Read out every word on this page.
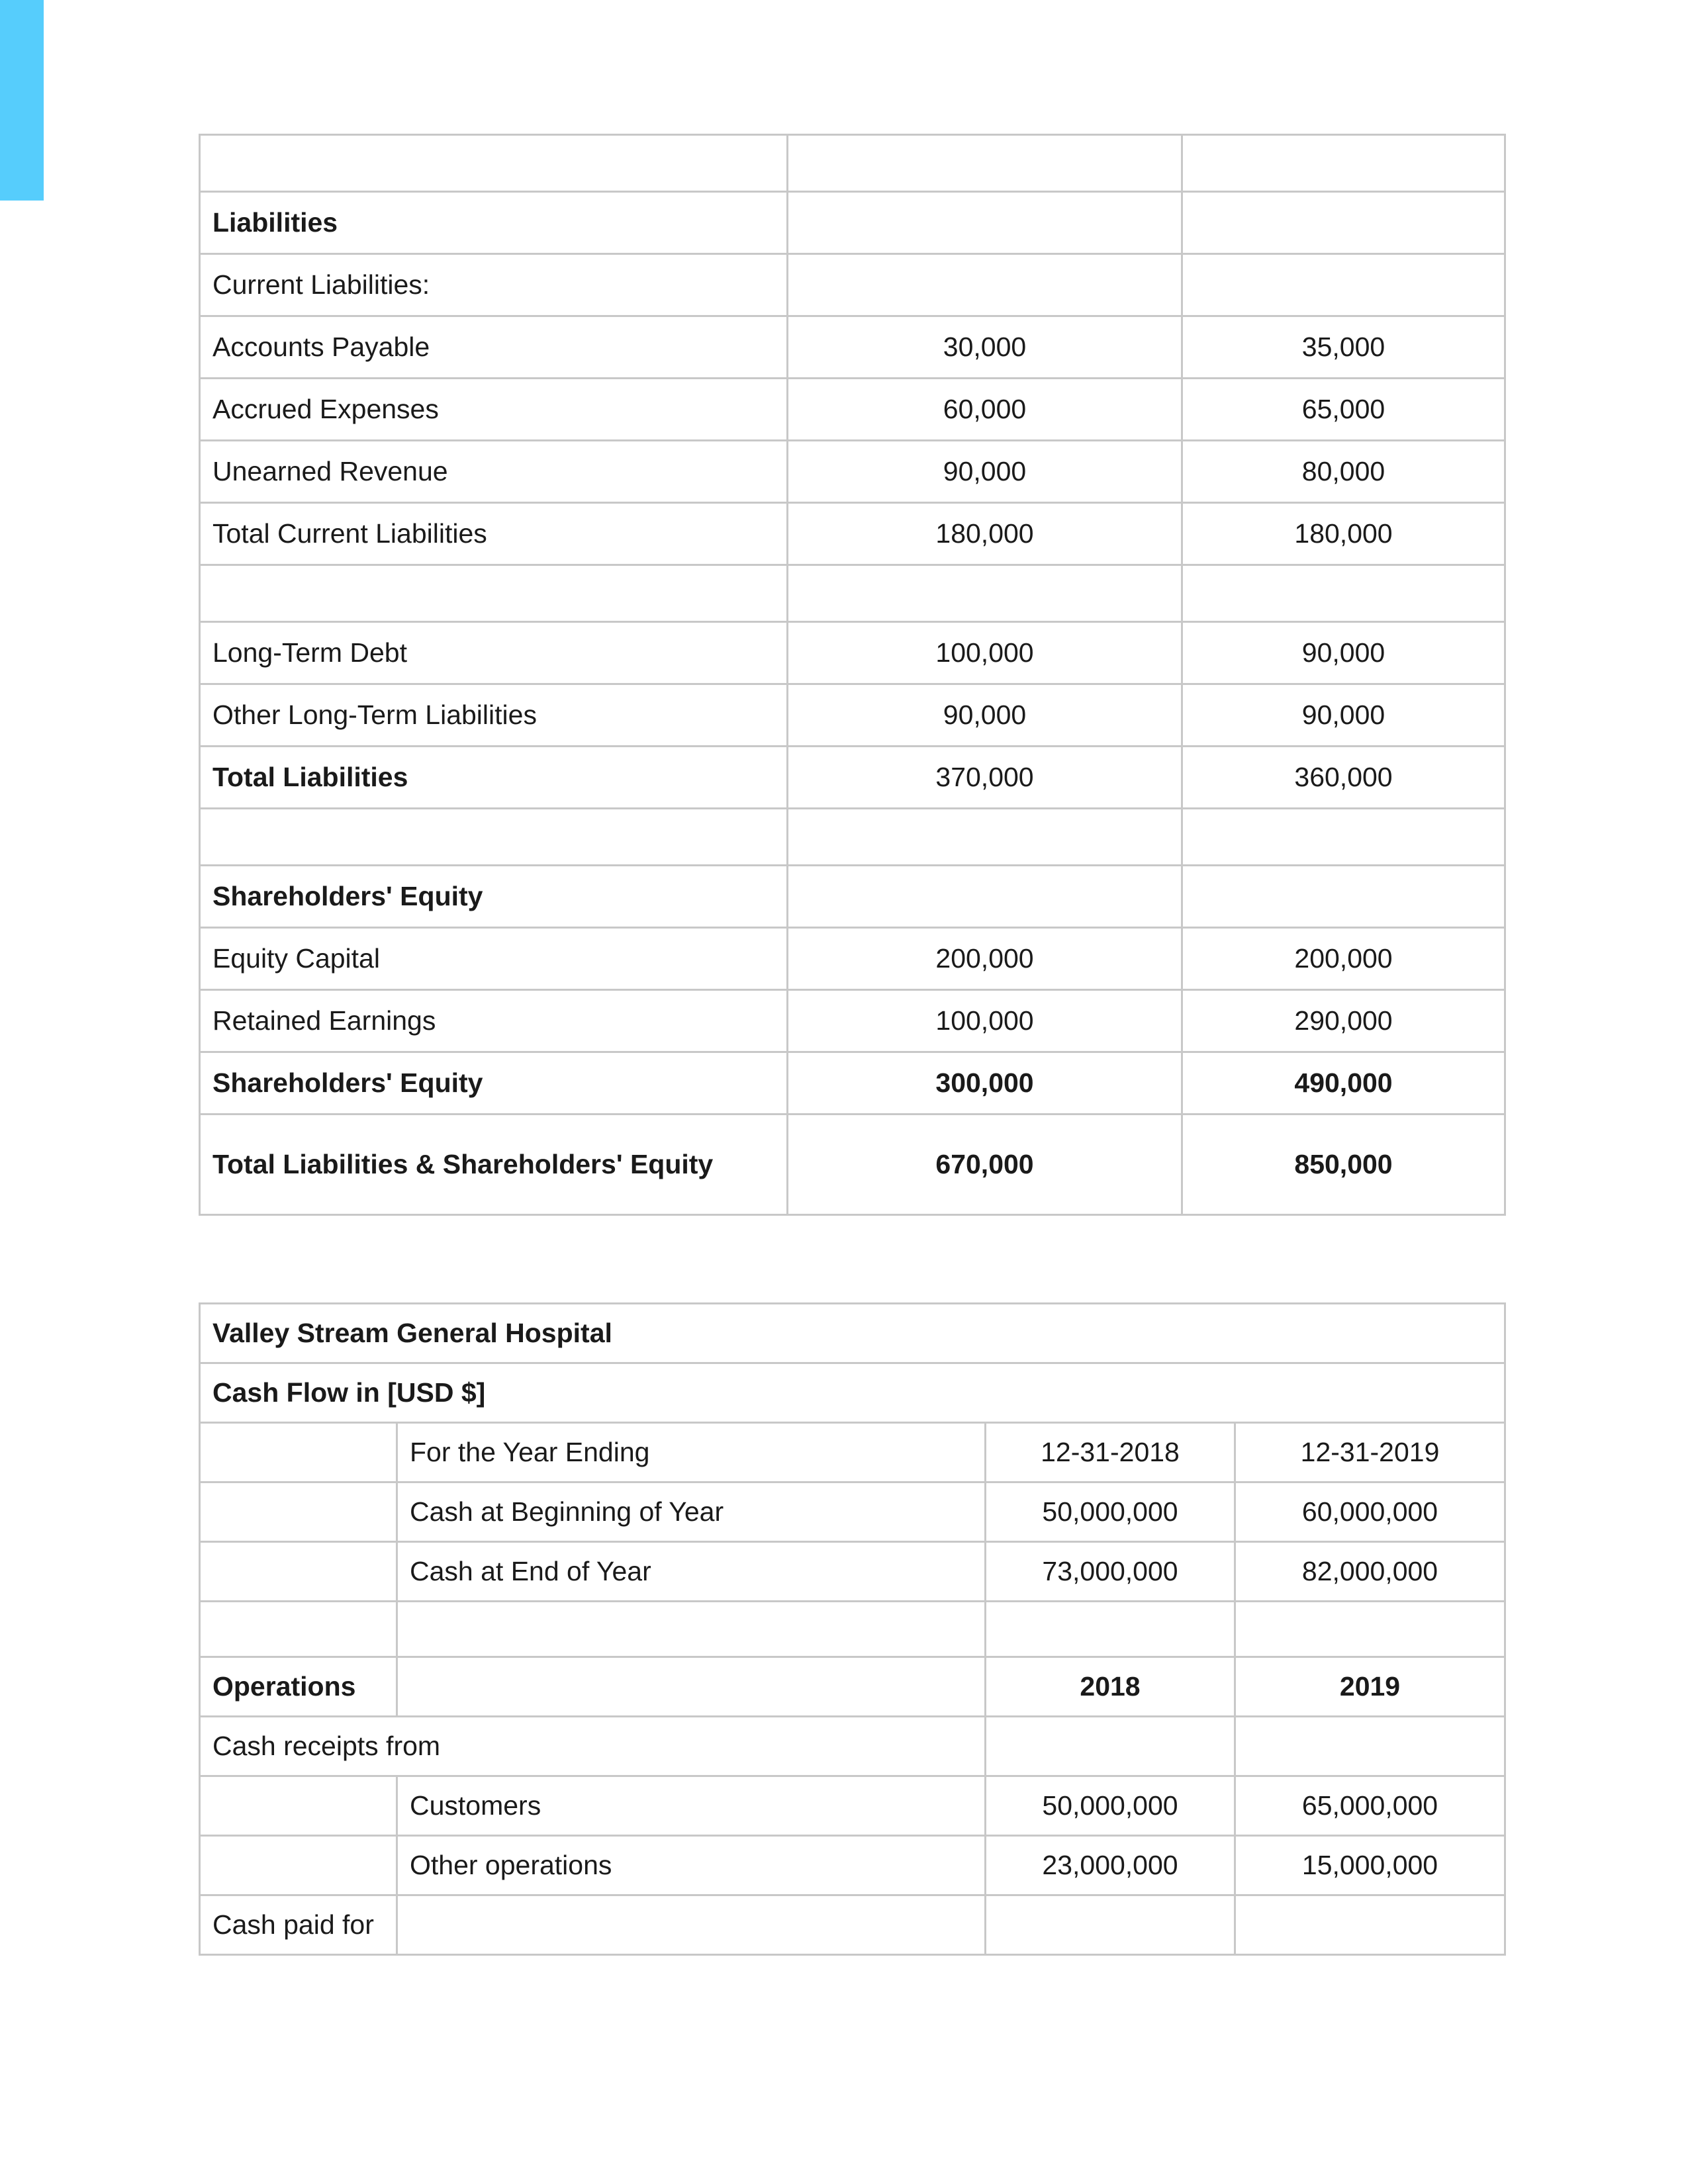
Liabilities		
Current Liabilities:		
Accounts Payable	30,000	35,000
Accrued Expenses	60,000	65,000
Unearned Revenue	90,000	80,000
Total Current Liabilities	180,000	180,000

Long-Term Debt	100,000	90,000
Other Long-Term Liabilities	90,000	90,000
Total Liabilities	370,000	360,000

Shareholders' Equity		
Equity Capital	200,000	200,000
Retained Earnings	100,000	290,000
Shareholders' Equity	300,000	490,000
Total Liabilities & Shareholders' Equity	670,000	850,000
Valley Stream General Hospital			
Cash Flow in [USD $]			
	For the Year Ending	12-31-2018	12-31-2019
	Cash at Beginning of Year	50,000,000	60,000,000
	Cash at End of Year	73,000,000	82,000,000

Operations		2018	2019
Cash receipts from			
	Customers	50,000,000	65,000,000
	Other operations	23,000,000	15,000,000
Cash paid for			
